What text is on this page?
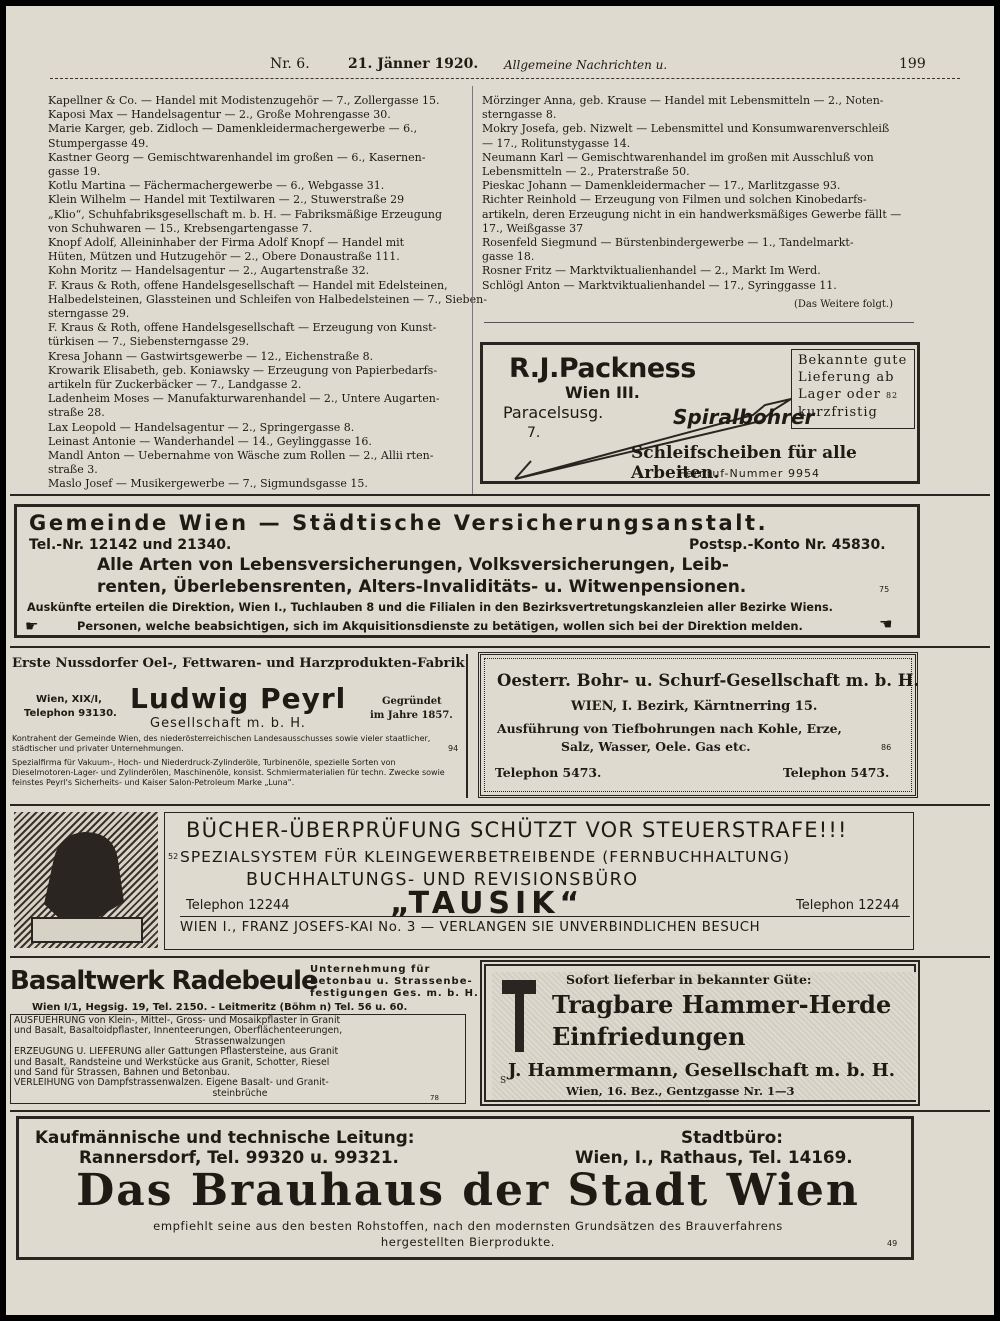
Nr. 6.	21. Jänner 1920. Allgemeine Nachrichten u.	199

Kapellner & Co. — Handel mit Modistenzugehör — 7., Zollergasse 15.

Kaposi Max — Handelsagentur — 2., Große Mohrengasse 30.

Marie Karger, geb. Zidloch — Damenkleidermachergewerbe — 6.,

Stumpergasse 49.

Kastner Georg — Gemischtwarenhandel im großen — 6., Kasernen-

gasse 19.

Kotlu Martina — Fächermachergewerbe — 6., Webgasse 31.

Klein Wilhelm — Handel mit Textilwaren — 2., Stuwerstraße 29

„Klio“, Schuhfabriksgesellschaft m. b. H. — Fabriksmäßige Erzeugung

von Schuhwaren — 15., Krebsengartengasse 7.

Knopf Adolf, Alleininhaber der Firma Adolf Knopf — Handel mit

Hüten, Mützen und Hutzugehör — 2., Obere Donaustraße 111.

Kohn Moritz — Handelsagentur — 2., Augartenstraße 32.

F. Kraus & Roth, offene Handelsgesellschaft — Handel mit Edelsteinen,

Halbedelsteinen, Glassteinen und Schleifen von Halbedelsteinen — 7., Sieben-

sterngasse 29.

F. Kraus & Roth, offene Handelsgesellschaft — Erzeugung von Kunst-

türkisen — 7., Siebensterngasse 29.

Kresa Johann — Gastwirtsgewerbe — 12., Eichenstraße 8.

Krowarik Elisabeth, geb. Koniawsky — Erzeugung von Papierbedarfs-

artikeln für Zuckerbäcker — 7., Landgasse 2.

Ladenheim Moses — Manufakturwarenhandel — 2., Untere Augarten-

straße 28.

Lax Leopold — Handelsagentur — 2., Springergasse 8.

Leinast Antonie — Wanderhandel — 14., Geylinggasse 16.

Mandl Anton — Uebernahme von Wäsche zum Rollen — 2., Allii rten-

straße 3.

Maslo Josef — Musikergewerbe — 7., Sigmundsgasse 15.

Mörzinger Anna, geb. Krause — Handel mit Lebensmitteln — 2., Noten-

sterngasse 8.

Mokry Josefa, geb. Nizwelt — Lebensmittel und Konsumwarenverschleiß

— 17., Rolitunstygasse 14.

Neumann Karl — Gemischtwarenhandel im großen mit Ausschluß von

Lebensmitteln — 2., Praterstraße 50.

Pieskac Johann — Damenkleidermacher — 17., Marlitzgasse 93.

Richter Reinhold — Erzeugung von Filmen und solchen Kinobedarfs-

artikeln, deren Erzeugung nicht in ein handwerksmäßiges Gewerbe fällt —

17., Weißgasse 37

Rosenfeld Siegmund — Bürstenbindergewerbe — 1., Tandelmarkt-

gasse 18.

Rosner Fritz — Marktviktualienhandel — 2., Markt Im Werd.

Schlögl Anton — Marktviktualienhandel — 17., Syringgasse 11.

(Das Weitere folgt.)
R.J.Packness
Wien III.
Paracelsusg.
7.
Spiralbohrer
Bekannte gute
Lieferung ab
Lager oder 82
kurzfristig
Schleifscheiben für alle Arbeiten.
Fernruf-Nummer 9954
Gemeinde Wien — Städtische Versicherungsanstalt.
Tel.-Nr. 12142 und 21340.	Postsp.-Konto Nr. 45830.
Alle Arten von Lebensversicherungen, Volksversicherungen, Leib-
renten, Überlebensrenten, Alters-Invaliditäts- u. Witwenpensionen.	75
Auskünfte erteilen die Direktion, Wien I., Tuchlauben 8 und die Filialen in den Bezirksvertretungskanzleien aller Bezirke Wiens.
☛	Personen, welche beabsichtigen, sich im Akquisitionsdienste zu betätigen, wollen sich bei der Direktion melden.	☛
Erste Nussdorfer Oel-, Fettwaren- und Harzprodukten-Fabrik
Wien, XIX/I,
Telephon 93130. Ludwig Peyrl
Gesellschaft m. b. H.
Gegründet
im Jahre 1857.
Kontrahent der Gemeinde Wien, des niederösterreichischen Landesausschusses sowie vieler staatlicher, städtischer und privater Unternehmungen.	94
Spezialfirma für Vakuum-, Hoch- und Niederdruck-Zylinderöle, Turbinenöle, spezielle Sorten von Dieselmotoren-Lager- und Zylinderölen, Maschinenöle, konsist. Schmiermaterialien für techn. Zwecke sowie feinstes Peyrl's Sicherheits- und Kaiser Salon-Petroleum Marke „Luna“.
Oesterr. Bohr- u. Schurf-Gesellschaft m. b. H.
WIEN, I. Bezirk, Kärntnerring 15.
Ausführung von Tiefbohrungen nach Kohle, Erze,
Salz, Wasser, Oele. Gas etc.	86
Telephon 5473.	Telephon 5473.
BÜCHER-ÜBERPRÜFUNG SCHÜTZT VOR STEUERSTRAFE!!!
52 SPEZIALSYSTEM FÜR KLEINGEWERBETREIBENDE (FERNBUCHHALTUNG)
BUCHHALTUNGS- UND REVISIONSBÜRO
Telephon 12244	„TAUSIK“	Telephon 12244
WIEN I., FRANZ JOSEFS-KAI No. 3 — VERLANGEN SIE UNVERBINDLICHEN BESUCH
Basaltwerk Radebeule
Unternehmung für
Betonbau u. Strassenbe-
festigungen Ges. m. b. H.
Wien I/1, Hegsig. 19, Tel. 2150. - Leitmeritz (Böhm n) Tel. 56 u. 60.
AUSFUEHRUNG von Klein-, Mittel-, Gross- und Mosaikpflaster in Granit
und Basalt, Basaltoidpflaster, Innenteerungen, Oberflächenteerungen,
Strassenwalzungen
ERZEUGUNG U. LIEFERUNG aller Gattungen Pflastersteine, aus Granit
und Basalt, Randsteine und Werkstücke aus Granit, Schotter, Riesel
und Sand für Strassen, Bahnen und Betonbau.
VERLEIHUNG von Dampfstrassenwalzen. Eigene Basalt- und Granit-
steinbrüche	78
Sofort lieferbar in bekannter Güte:
Tragbare Hammer-Herde
Einfriedungen
J. Hammermann, Gesellschaft m. b. H.
Wien, 16. Bez., Gentzgasse Nr. 1—3
S
Kaufmännische und technische Leitung:
Rannersdorf, Tel. 99320 u. 99321.
Stadtbüro:
Wien, I., Rathaus, Tel. 14169.
Das Brauhaus der Stadt Wien
empfiehlt seine aus den besten Rohstoffen, nach den modernsten Grundsätzen des Brauverfahrens
hergestellten Bierprodukte.	49
